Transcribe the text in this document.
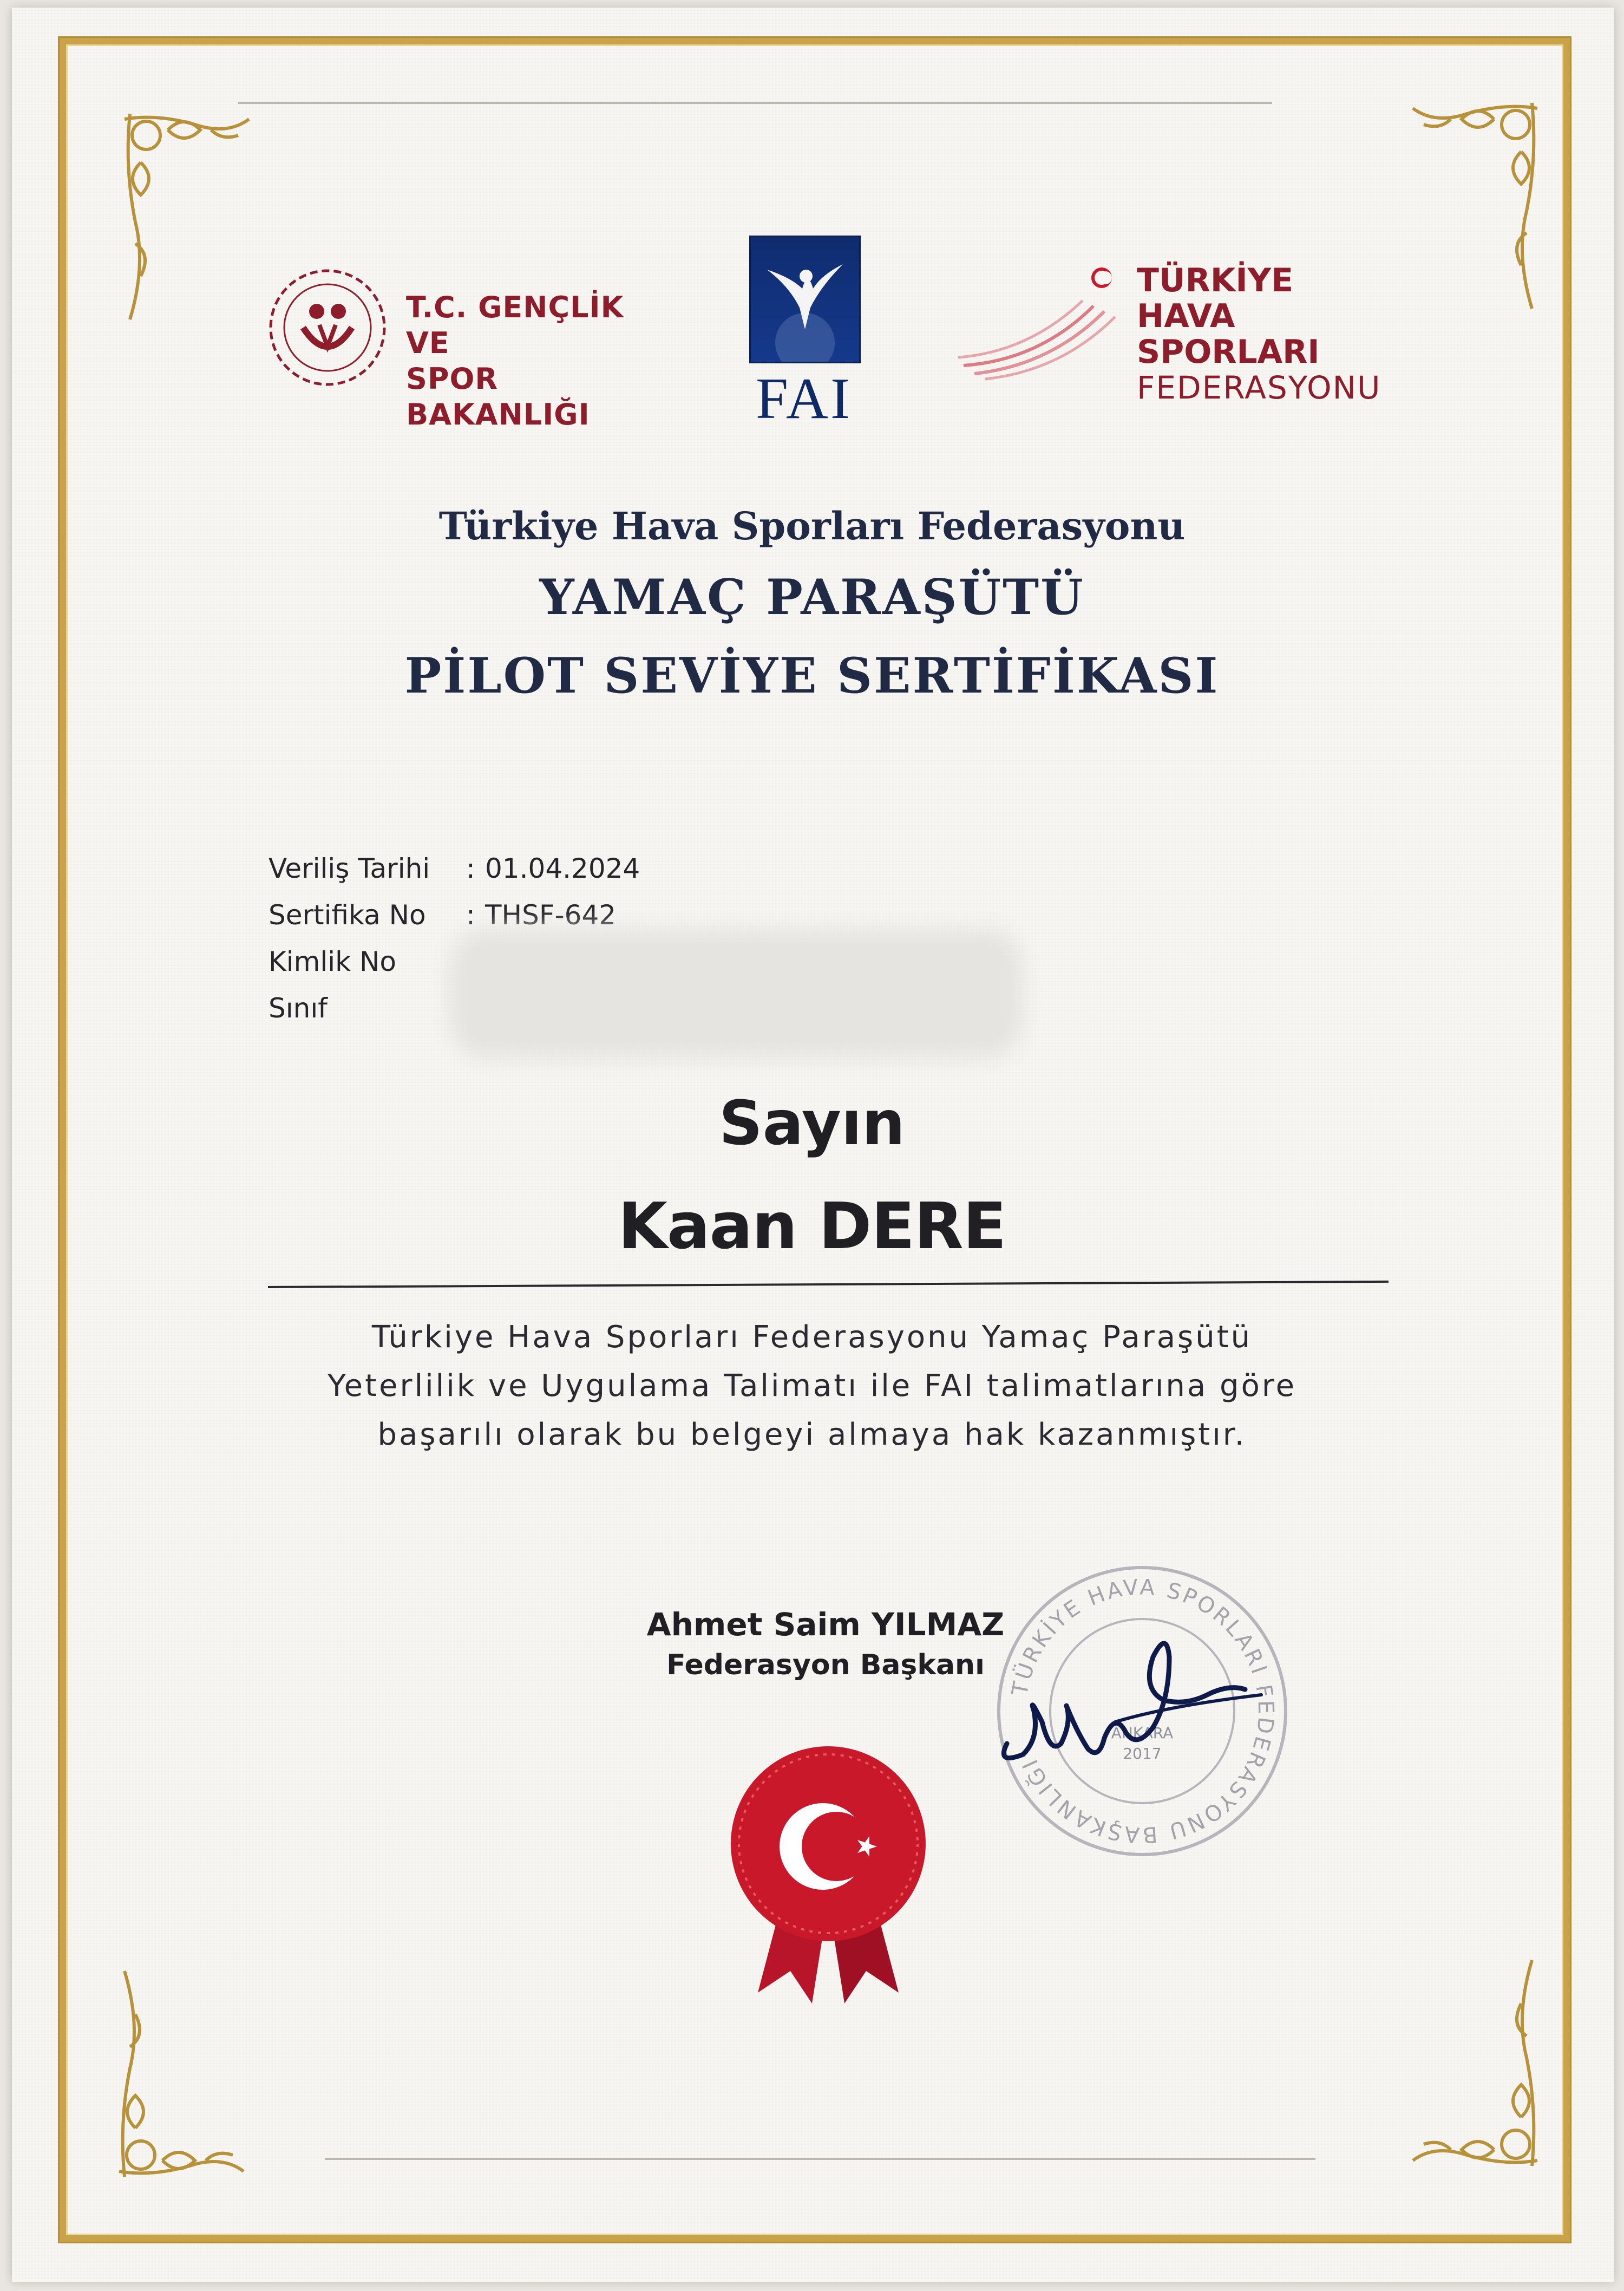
T.C. GENÇLİK VE
SPOR BAKANLIĞI	FAI
TÜRKİYE
HAVA SPORLARI
FEDERASYONU
Türkiye Hava Sporları Federasyonu
YAMAÇ PARAŞÜTÜ
PİLOT SEVİYE SERTİFİKASI
Veriliş Tarihi	: 01.04.2024
Sertifika No	: THSF-642
Kimlik No
Sınıf
Sayın
Kaan DERE
Türkiye Hava Sporları Federasyonu Yamaç Paraşütü
Yeterlilik ve Uygulama Talimatı ile FAI talimatlarına göre
başarılı olarak bu belgeyi almaya hak kazanmıştır.
Ahmet Saim YILMAZ
Federasyon Başkanı
TÜRKİYE HAVA SPORLARI FEDERASYONU BAŞKANLIĞI
ANKARA
2017
